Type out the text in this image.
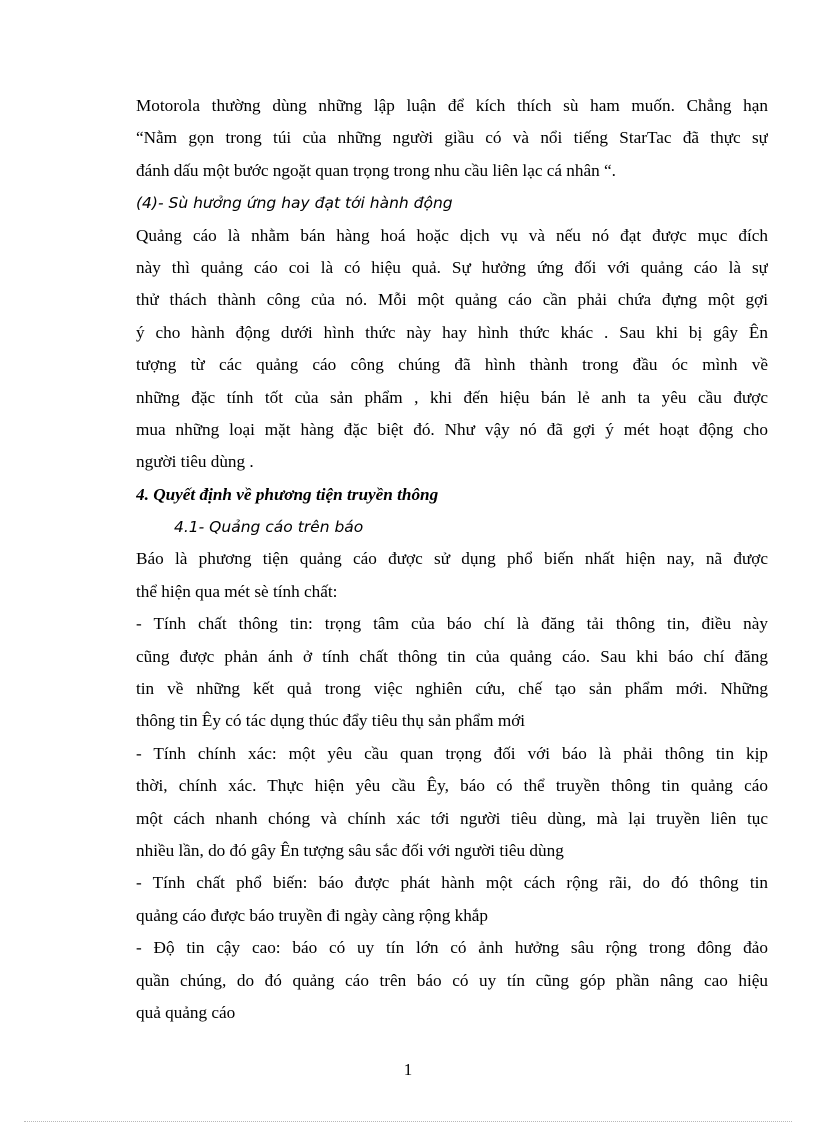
Motorola thường dùng những lập luận để kích thích sù ham muốn. Chẳng hạn
“Nằm gọn trong túi của những người giầu có và nổi tiếng StarTac đã thực sự
đánh dấu một bước ngoặt quan trọng trong nhu cầu liên lạc cá nhân “.
(4)- Sù hưởng ứng hay đạt tới hành động
Quảng cáo là nhằm bán hàng hoá hoặc dịch vụ và nếu nó đạt được mục đích
này thì quảng cáo coi là có hiệu quả. Sự hưởng ứng đối với quảng cáo là sự
thử thách thành công của nó. Mỗi một quảng cáo cần phải chứa đựng một gợi
ý cho hành động dưới hình thức này hay hình thức khác . Sau khi bị gây Ên
tượng từ các quảng cáo công chúng đã hình thành trong đầu óc mình về
những đặc tính tốt của sản phẩm , khi đến hiệu bán lẻ anh ta yêu cầu được
mua những loại mặt hàng đặc biệt đó. Như vậy nó đã gợi ý mét hoạt động cho
người tiêu dùng .
4. Quyết định về phương tiện truyền thông
4.1- Quảng cáo trên báo
Báo là phương tiện quảng cáo được sử dụng phổ biến nhất hiện nay, nã được
thể hiện qua mét sè tính chất:
- Tính chất thông tin: trọng tâm của báo chí là đăng tải thông tin, điều này
cũng được phản ánh ở tính chất thông tin của quảng cáo. Sau khi báo chí đăng
tin về những kết quả trong việc nghiên cứu, chế tạo sản phẩm mới. Những
thông tin Êy có tác dụng thúc đẩy tiêu thụ sản phẩm mới
- Tính chính xác: một yêu cầu quan trọng đối với báo là phải thông tin kịp
thời, chính xác. Thực hiện yêu cầu Êy, báo có thể truyền thông tin quảng cáo
một cách nhanh chóng và chính xác tới người tiêu dùng, mà lại truyền liên tục
nhiều lần, do đó gây Ên tượng sâu sắc đối với người tiêu dùng
- Tính chất phổ biến: báo được phát hành một cách rộng rãi, do đó thông tin
quảng cáo được báo truyền đi ngày càng rộng khắp
- Độ tin cậy cao: báo có uy tín lớn có ảnh hưởng sâu rộng trong đông đảo
quần chúng, do đó quảng cáo trên báo có uy tín cũng góp phần nâng cao hiệu
quả quảng cáo
1
